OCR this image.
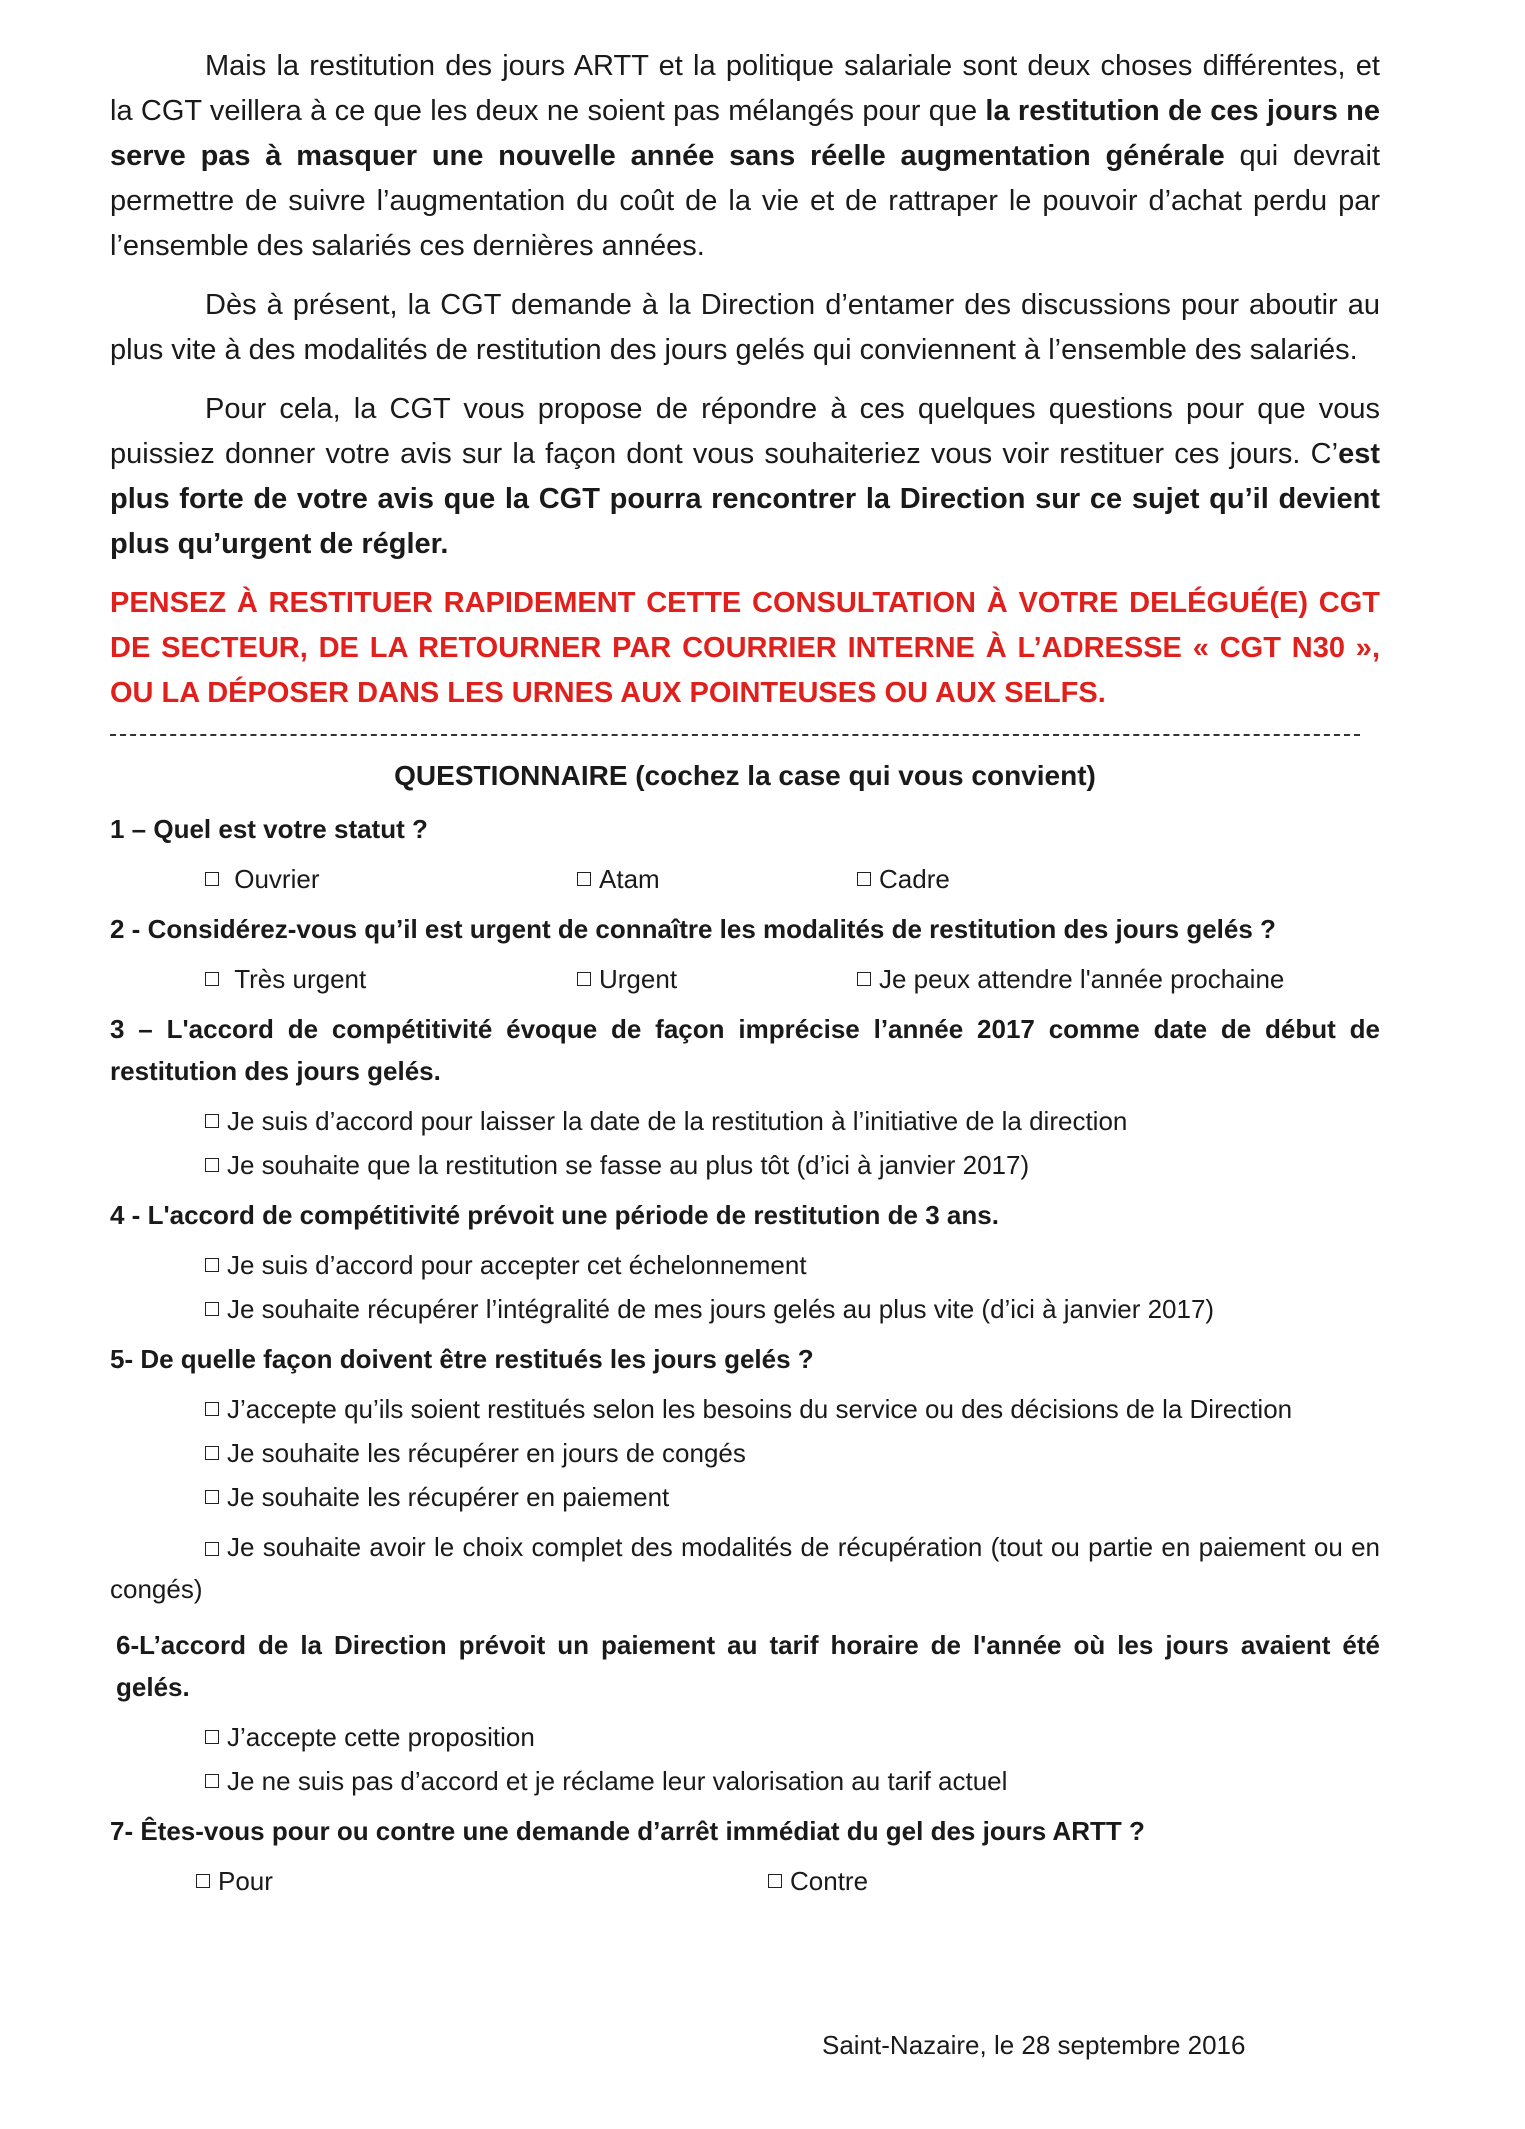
Mais la restitution des jours ARTT et la politique salariale sont deux choses différentes, et la CGT veillera à ce que les deux ne soient pas mélangés pour que la restitution de ces jours ne serve pas à masquer une nouvelle année sans réelle augmentation générale qui devrait permettre de suivre l’augmentation du coût de la vie et de rattraper le pouvoir d’achat perdu par l’ensemble des salariés ces dernières années.

Dès à présent, la CGT demande à la Direction d’entamer des discussions pour aboutir au plus vite à des modalités de restitution des jours gelés qui conviennent à l’ensemble des salariés.

Pour cela, la CGT vous propose de répondre à ces quelques questions pour que vous puissiez donner votre avis sur la façon dont vous souhaiteriez vous voir restituer ces jours. C’est plus forte de votre avis que la CGT pourra rencontrer la Direction sur ce sujet qu’il devient plus qu’urgent de régler.

PENSEZ À RESTITUER RAPIDEMENT CETTE CONSULTATION À VOTRE DELÉGUÉ(E) CGT DE SECTEUR, DE LA RETOURNER PAR COURRIER INTERNE À L’ADRESSE « CGT N30 », OU LA DÉPOSER DANS LES URNES AUX POINTEUSES OU AUX SELFS.

QUESTIONNAIRE (cochez la case qui vous convient)

1 – Quel est votre statut ?

Ouvrier	Atam	Cadre

2 - Considérez-vous qu’il est urgent de connaître les modalités de restitution des jours gelés ?

Très urgent	Urgent	Je peux attendre l'année prochaine

3 – L'accord de compétitivité évoque de façon imprécise l’année 2017 comme date de début de restitution des jours gelés.

Je suis d’accord pour laisser la date de la restitution à l’initiative de la direction
Je souhaite que la restitution se fasse au plus tôt (d’ici à janvier 2017)

4 - L'accord de compétitivité prévoit une période de restitution de 3 ans.

Je suis d’accord pour accepter cet échelonnement
Je souhaite récupérer l’intégralité de mes jours gelés au plus vite (d’ici à janvier 2017)

5- De quelle façon doivent être restitués les jours gelés ?

J’accepte qu’ils soient restitués selon les besoins du service ou des décisions de la Direction
Je souhaite les récupérer en jours de congés
Je souhaite les récupérer en paiement
Je souhaite avoir le choix complet des modalités de récupération (tout ou partie en paiement ou en congés)

6-L’accord de la Direction prévoit un paiement au tarif horaire de l'année où les jours avaient été gelés.

J’accepte cette proposition
Je ne suis pas d’accord et je réclame leur valorisation au tarif actuel

7- Êtes-vous pour ou contre une demande d’arrêt immédiat du gel des jours ARTT ?

Pour	Contre
Saint-Nazaire, le 28 septembre 2016
